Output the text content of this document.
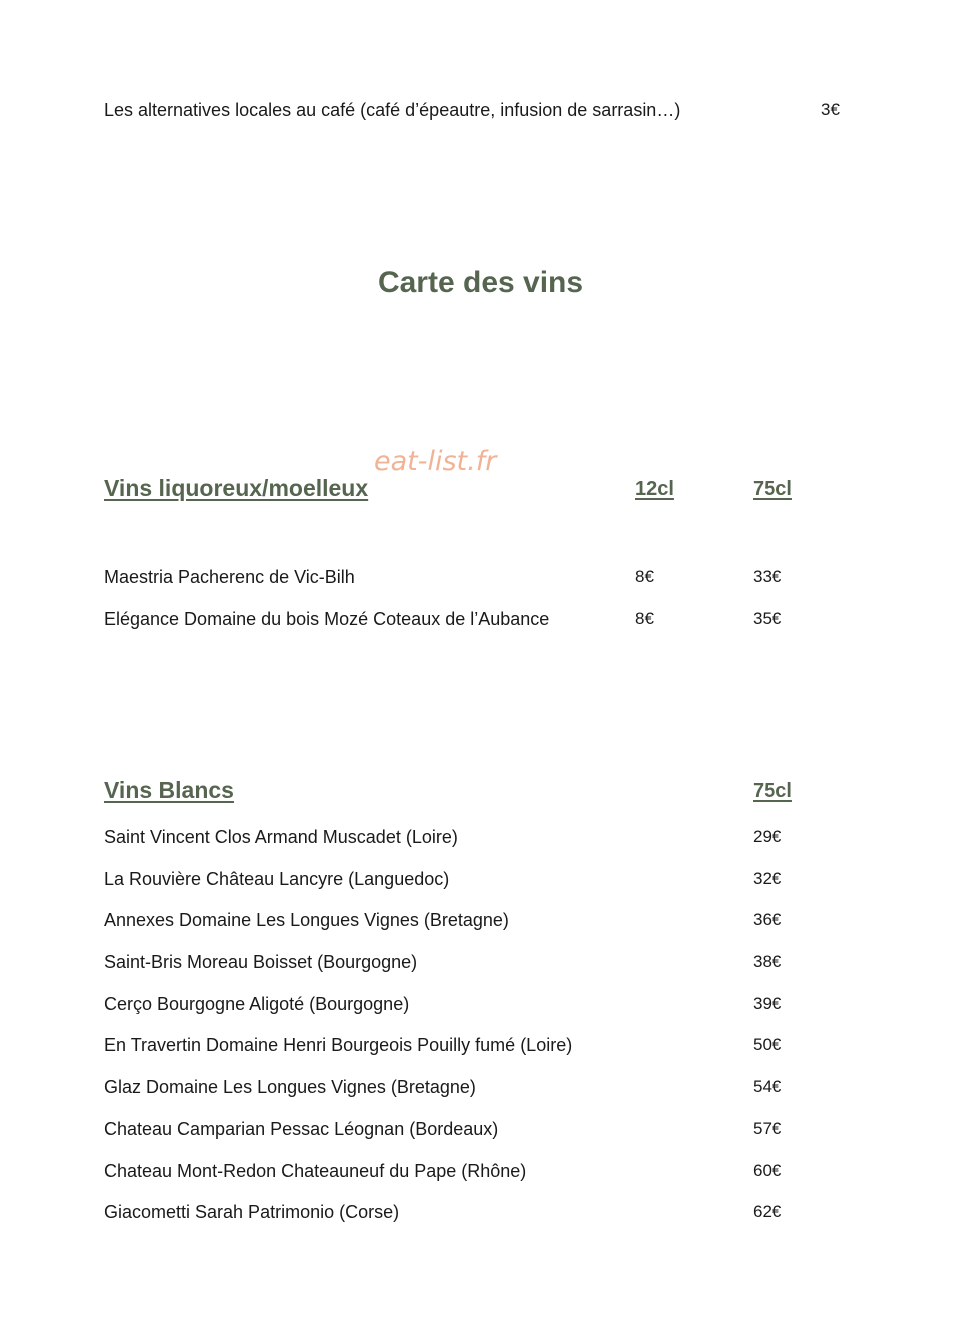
Les alternatives locales au café (café d’épeautre, infusion de sarrasin…)	3€
Carte des vins
eat-list.fr
Vins liquoreux/moelleux	12cl	75cl
Maestria Pacherenc de Vic-Bilh	8€	33€
Elégance Domaine du bois Mozé Coteaux de l’Aubance	8€	35€
Vins Blancs	75cl
Saint Vincent Clos Armand Muscadet (Loire)	29€
La Rouvière Château Lancyre (Languedoc)	32€
Annexes Domaine Les Longues Vignes (Bretagne)	36€
Saint-Bris Moreau Boisset (Bourgogne)	38€
Cerço Bourgogne Aligoté (Bourgogne)	39€
En Travertin Domaine Henri Bourgeois Pouilly fumé (Loire)	50€
Glaz Domaine Les Longues Vignes (Bretagne)	54€
Chateau Camparian Pessac Léognan (Bordeaux)	57€
Chateau Mont-Redon Chateauneuf du Pape (Rhône)	60€
Giacometti Sarah Patrimonio (Corse)	62€
